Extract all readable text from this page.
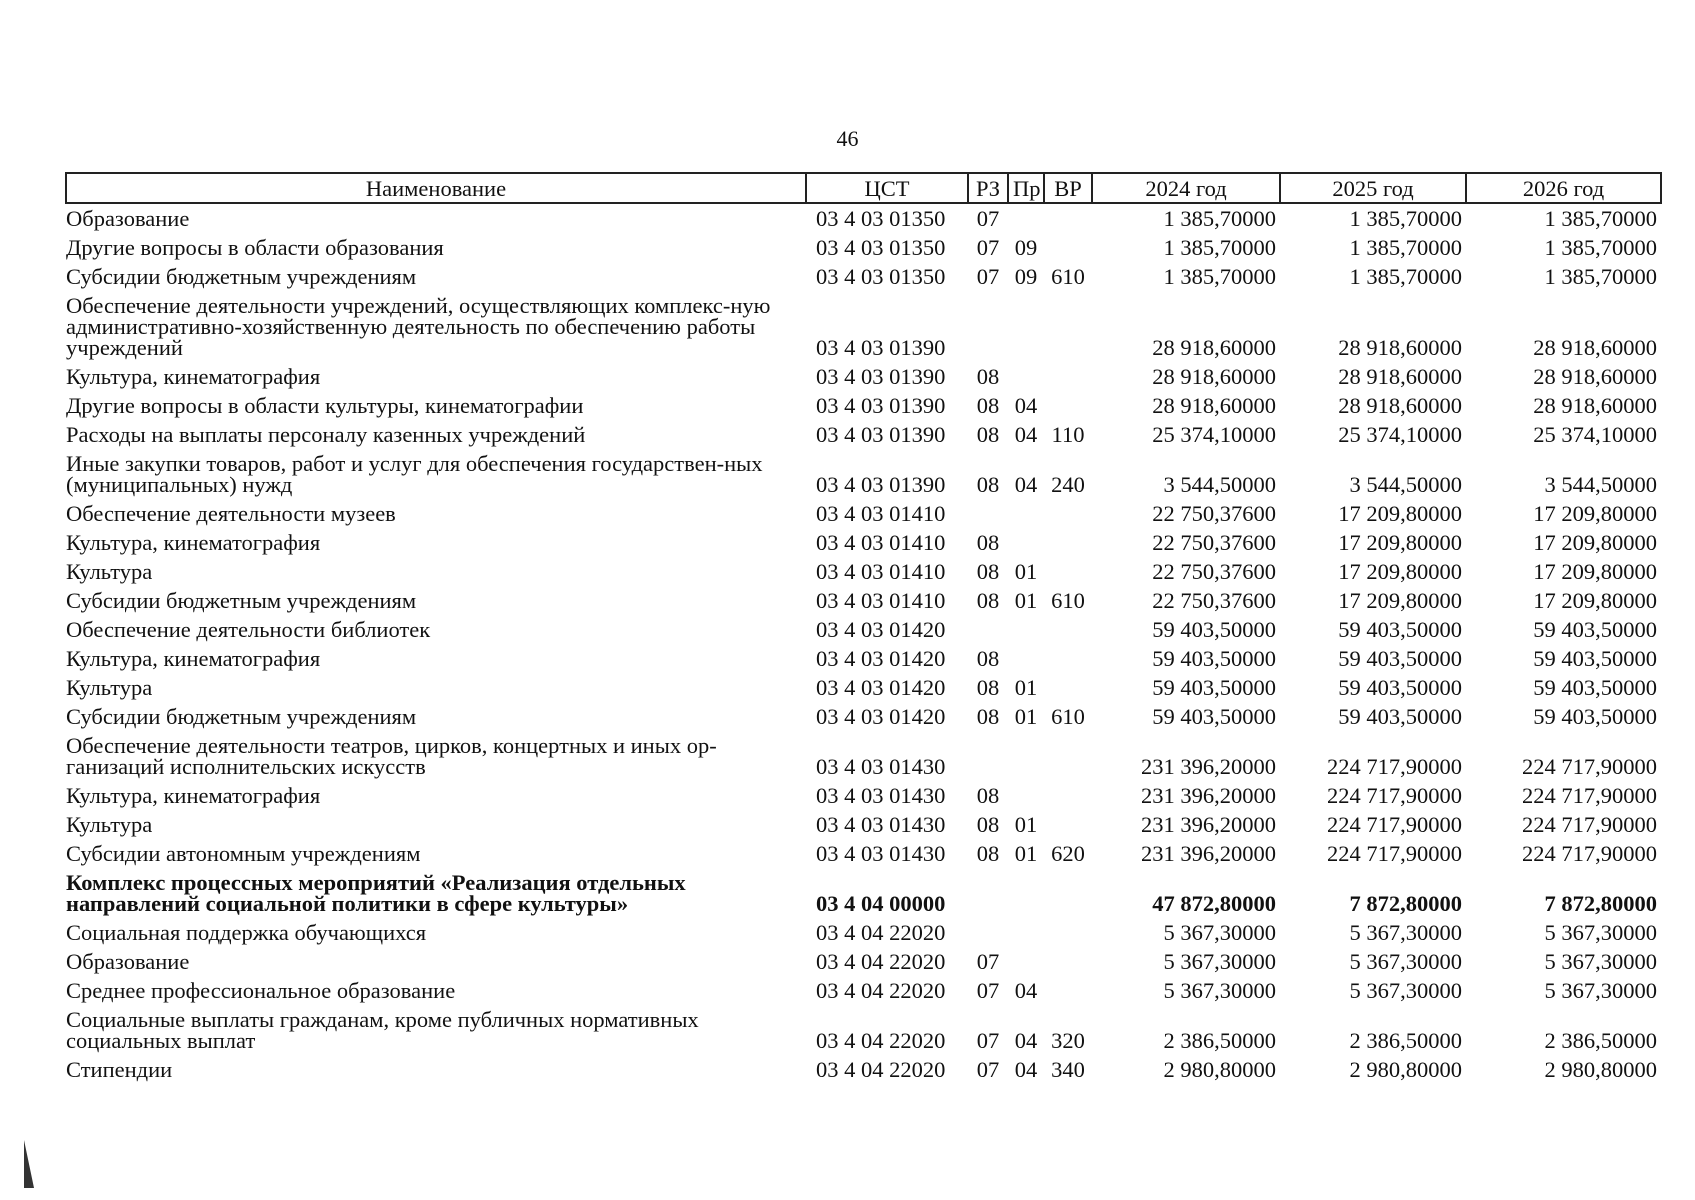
46
Наименование	ЦСТ	РЗ	Пр	ВР	2024 год	2025 год	2026 год
Образование	03 4 03 01350	07			1 385,70000	1 385,70000	1 385,70000
Другие вопросы в области образования	03 4 03 01350	07	09		1 385,70000	1 385,70000	1 385,70000
Субсидии бюджетным учреждениям	03 4 03 01350	07	09	610	1 385,70000	1 385,70000	1 385,70000
Обеспечение деятельности учреждений, осуществляющих комплекс-ную административно-хозяйственную деятельность по обеспечению работы учреждений	03 4 03 01390				28 918,60000	28 918,60000	28 918,60000
Культура, кинематография	03 4 03 01390	08			28 918,60000	28 918,60000	28 918,60000
Другие вопросы в области культуры, кинематографии	03 4 03 01390	08	04		28 918,60000	28 918,60000	28 918,60000
Расходы на выплаты персоналу казенных учреждений	03 4 03 01390	08	04	110	25 374,10000	25 374,10000	25 374,10000
Иные закупки товаров, работ и услуг для обеспечения государствен-ных (муниципальных) нужд	03 4 03 01390	08	04	240	3 544,50000	3 544,50000	3 544,50000
Обеспечение деятельности музеев	03 4 03 01410				22 750,37600	17 209,80000	17 209,80000
Культура, кинематография	03 4 03 01410	08			22 750,37600	17 209,80000	17 209,80000
Культура	03 4 03 01410	08	01		22 750,37600	17 209,80000	17 209,80000
Субсидии бюджетным учреждениям	03 4 03 01410	08	01	610	22 750,37600	17 209,80000	17 209,80000
Обеспечение деятельности библиотек	03 4 03 01420				59 403,50000	59 403,50000	59 403,50000
Культура, кинематография	03 4 03 01420	08			59 403,50000	59 403,50000	59 403,50000
Культура	03 4 03 01420	08	01		59 403,50000	59 403,50000	59 403,50000
Субсидии бюджетным учреждениям	03 4 03 01420	08	01	610	59 403,50000	59 403,50000	59 403,50000
Обеспечение деятельности театров, цирков, концертных и иных ор-ганизаций исполнительских искусств	03 4 03 01430				231 396,20000	224 717,90000	224 717,90000
Культура, кинематография	03 4 03 01430	08			231 396,20000	224 717,90000	224 717,90000
Культура	03 4 03 01430	08	01		231 396,20000	224 717,90000	224 717,90000
Субсидии автономным учреждениям	03 4 03 01430	08	01	620	231 396,20000	224 717,90000	224 717,90000
Комплекс процессных мероприятий «Реализация отдельных направлений социальной политики в сфере культуры»	03 4 04 00000				47 872,80000	7 872,80000	7 872,80000
Социальная поддержка обучающихся	03 4 04 22020				5 367,30000	5 367,30000	5 367,30000
Образование	03 4 04 22020	07			5 367,30000	5 367,30000	5 367,30000
Среднее профессиональное образование	03 4 04 22020	07	04		5 367,30000	5 367,30000	5 367,30000
Социальные выплаты гражданам, кроме публичных нормативных социальных выплат	03 4 04 22020	07	04	320	2 386,50000	2 386,50000	2 386,50000
Стипендии	03 4 04 22020	07	04	340	2 980,80000	2 980,80000	2 980,80000
